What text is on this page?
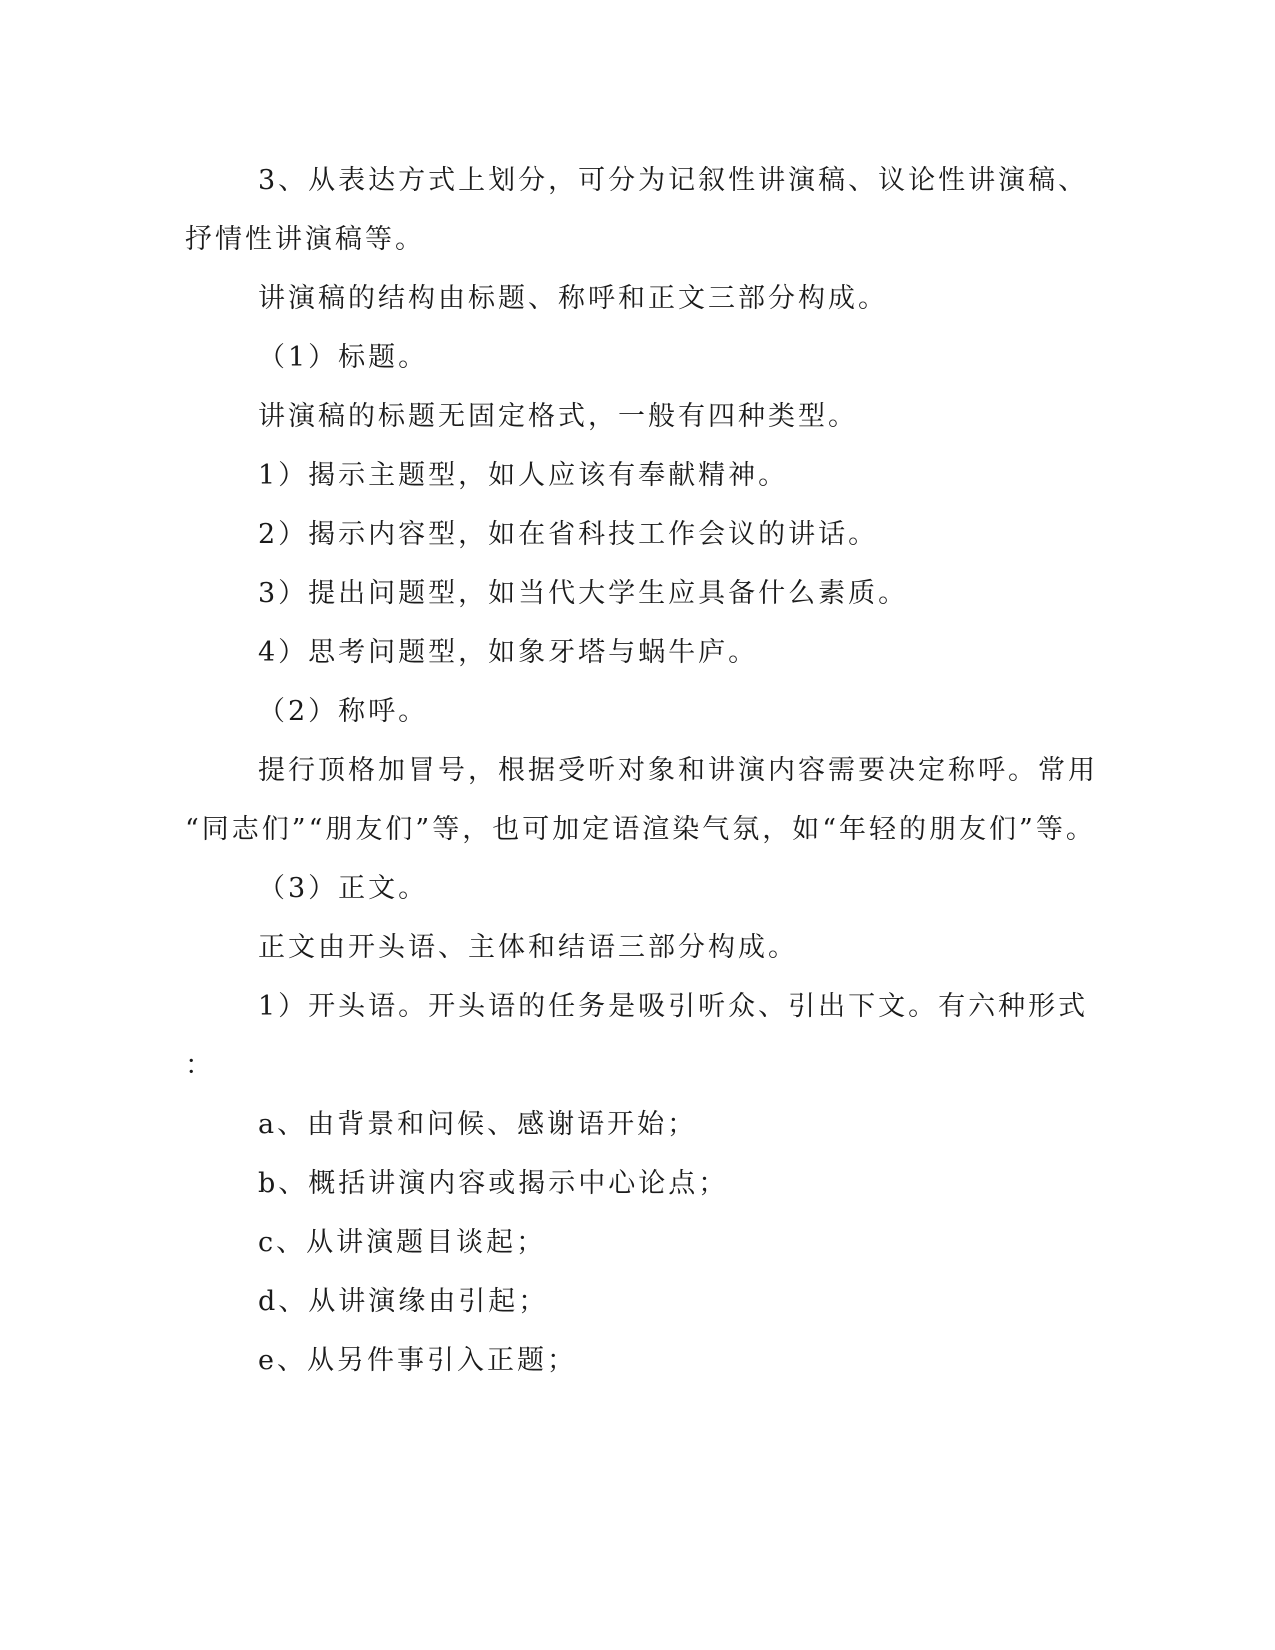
3、从表达方式上划分，可分为记叙性讲演稿、议论性讲演稿、
抒情性讲演稿等。
讲演稿的结构由标题、称呼和正文三部分构成。
（1）标题。
讲演稿的标题无固定格式，一般有四种类型。
1）揭示主题型，如人应该有奉献精神。
2）揭示内容型，如在省科技工作会议的讲话。
3）提出问题型，如当代大学生应具备什么素质。
4）思考问题型，如象牙塔与蜗牛庐。
（2）称呼。
提行顶格加冒号，根据受听对象和讲演内容需要决定称呼。常用
“同志们”“朋友们”等，也可加定语渲染气氛，如“年轻的朋友们”等。
（3）正文。
正文由开头语、主体和结语三部分构成。
1）开头语。开头语的任务是吸引听众、引出下文。有六种形式
：
a、由背景和问候、感谢语开始；
b、概括讲演内容或揭示中心论点；
c、从讲演题目谈起；
d、从讲演缘由引起；
e、从另件事引入正题；
